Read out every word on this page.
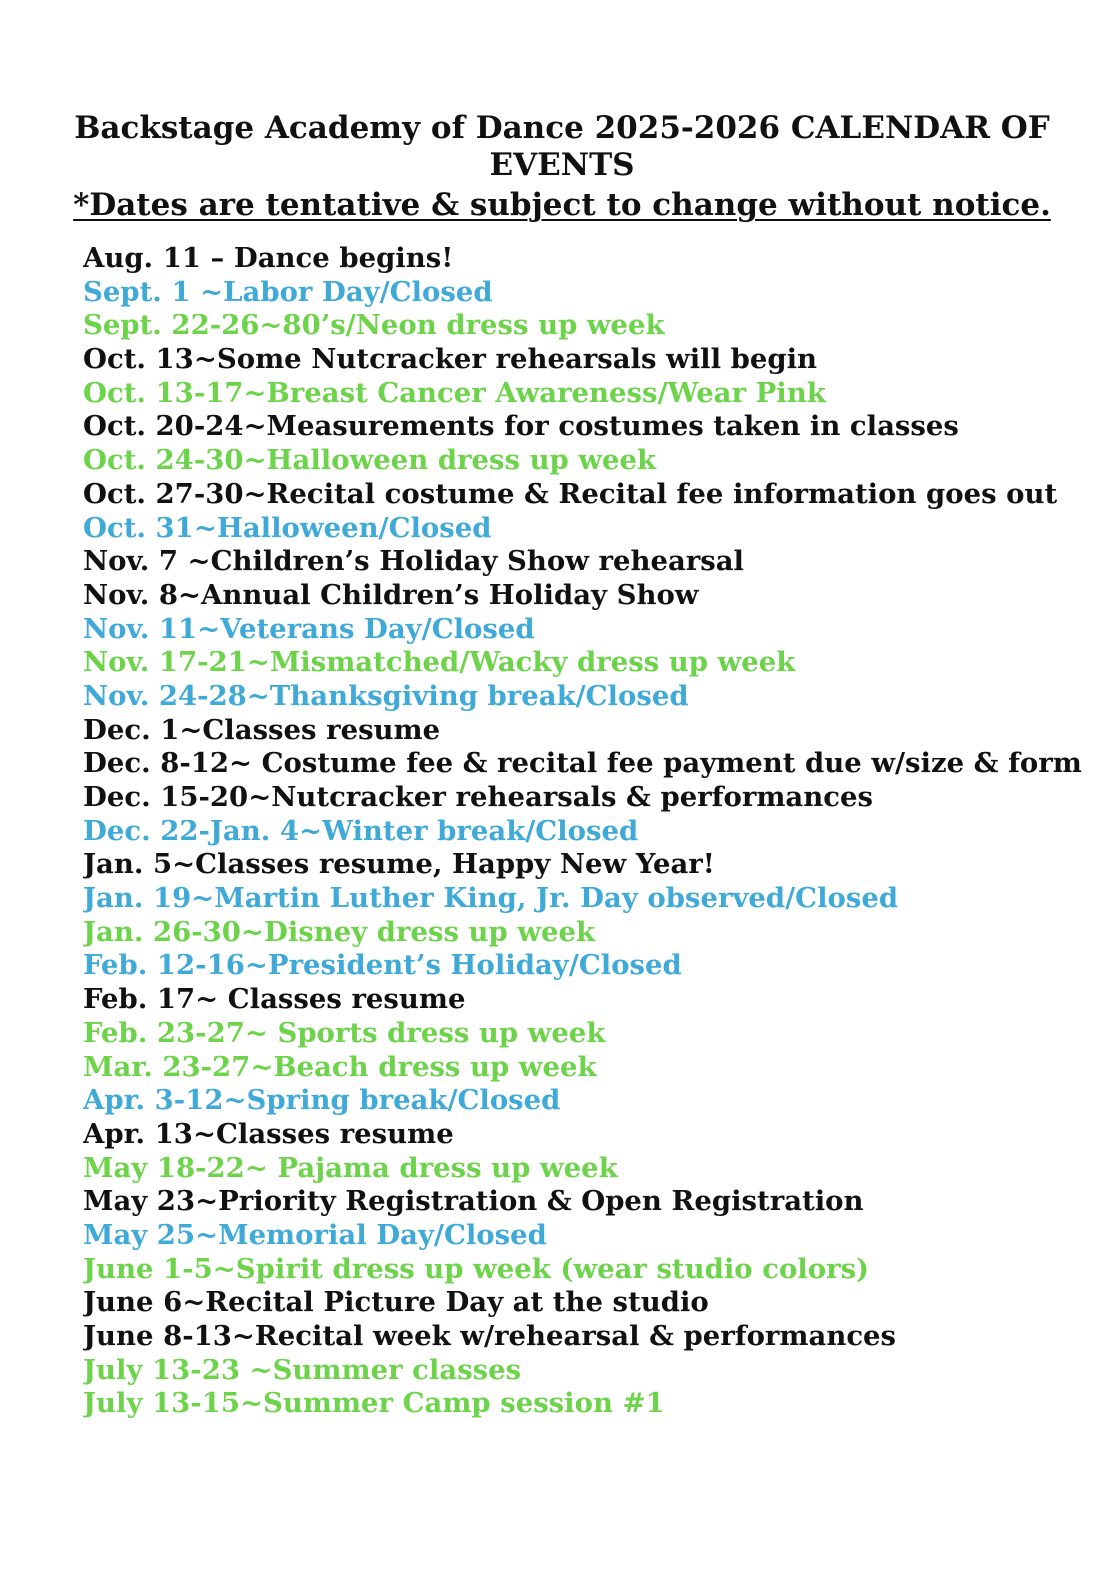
Backstage Academy of Dance 2025-2026 CALENDAR OF EVENTS

*Dates are tentative & subject to change without notice.

Aug. 11 – Dance begins!
Sept. 1 ~Labor Day/Closed
Sept. 22-26~80’s/Neon dress up week
Oct. 13~Some Nutcracker rehearsals will begin
Oct. 13-17~Breast Cancer Awareness/Wear Pink
Oct. 20-24~Measurements for costumes taken in classes
Oct. 24-30~Halloween dress up week
Oct. 27-30~Recital costume & Recital fee information goes out
Oct. 31~Halloween/Closed
Nov. 7 ~Children’s Holiday Show rehearsal
Nov. 8~Annual Children’s Holiday Show
Nov. 11~Veterans Day/Closed
Nov. 17-21~Mismatched/Wacky dress up week
Nov. 24-28~Thanksgiving break/Closed
Dec. 1~Classes resume
Dec. 8-12~ Costume fee & recital fee payment due w/size & form
Dec. 15-20~Nutcracker rehearsals & performances
Dec. 22-Jan. 4~Winter break/Closed
Jan. 5~Classes resume, Happy New Year!
Jan. 19~Martin Luther King, Jr. Day observed/Closed
Jan. 26-30~Disney dress up week
Feb. 12-16~President’s Holiday/Closed
Feb. 17~ Classes resume
Feb. 23-27~ Sports dress up week
Mar. 23-27~Beach dress up week
Apr. 3-12~Spring break/Closed
Apr. 13~Classes resume
May 18-22~ Pajama dress up week
May 23~Priority Registration & Open Registration
May 25~Memorial Day/Closed
June 1-5~Spirit dress up week (wear studio colors)
June 6~Recital Picture Day at the studio
June 8-13~Recital week w/rehearsal & performances
July 13-23 ~Summer classes
July 13-15~Summer Camp session #1
